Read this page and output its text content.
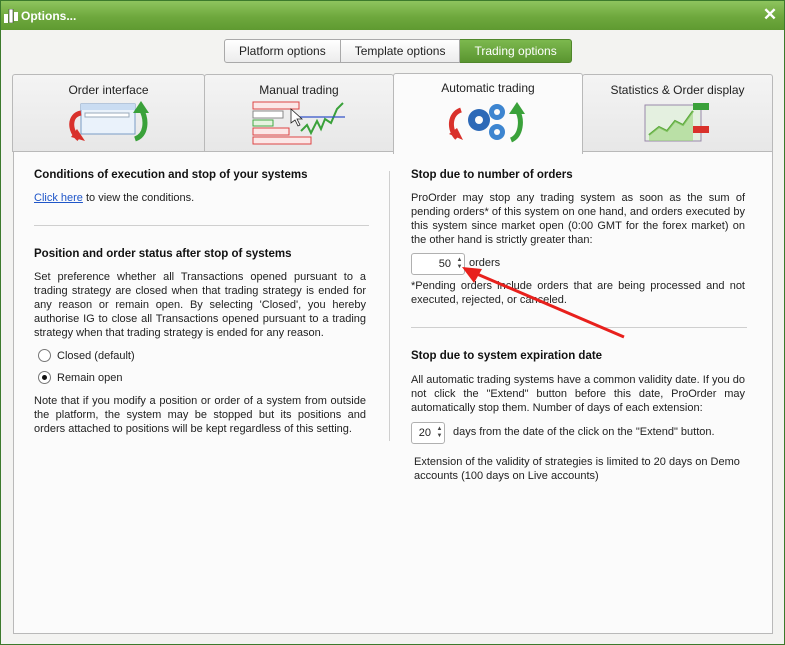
Options...	✕
Platform options	Template options	Trading options
Order interface	Manual trading	Automatic trading	Statistics & Order display
Conditions of execution and stop of your systems
Click here to view the conditions.
Position and order status after stop of systems
Set preference whether all Transactions opened pursuant to a trading strategy are closed when that trading strategy is ended for any reason or remain open. By selecting 'Closed', you hereby authorise IG to close all Transactions opened pursuant to a trading strategy when that trading strategy is ended for any reason.
Closed (default)
Remain open
Note that if you modify a position or order of a system from outside the platform, the system may be stopped but its positions and orders attached to positions will be kept regardless of this setting.
Stop due to number of orders
ProOrder may stop any trading system as soon as the sum of pending orders* of this system on one hand, and orders executed by this system since market open (0:00 GMT for the forex market) on the other hand is strictly greater than:
50 ▲
▼ orders
*Pending orders include orders that are being processed and not executed, rejected, or canceled.
Stop due to system expiration date
All automatic trading systems have a common validity date. If you do not click the "Extend" button before this date, ProOrder may automatically stop them. Number of days of each extension:
20 ▲
▼ days from the date of the click on the "Extend" button.
Extension of the validity of strategies is limited to 20 days on Demo accounts (100 days on Live accounts)
